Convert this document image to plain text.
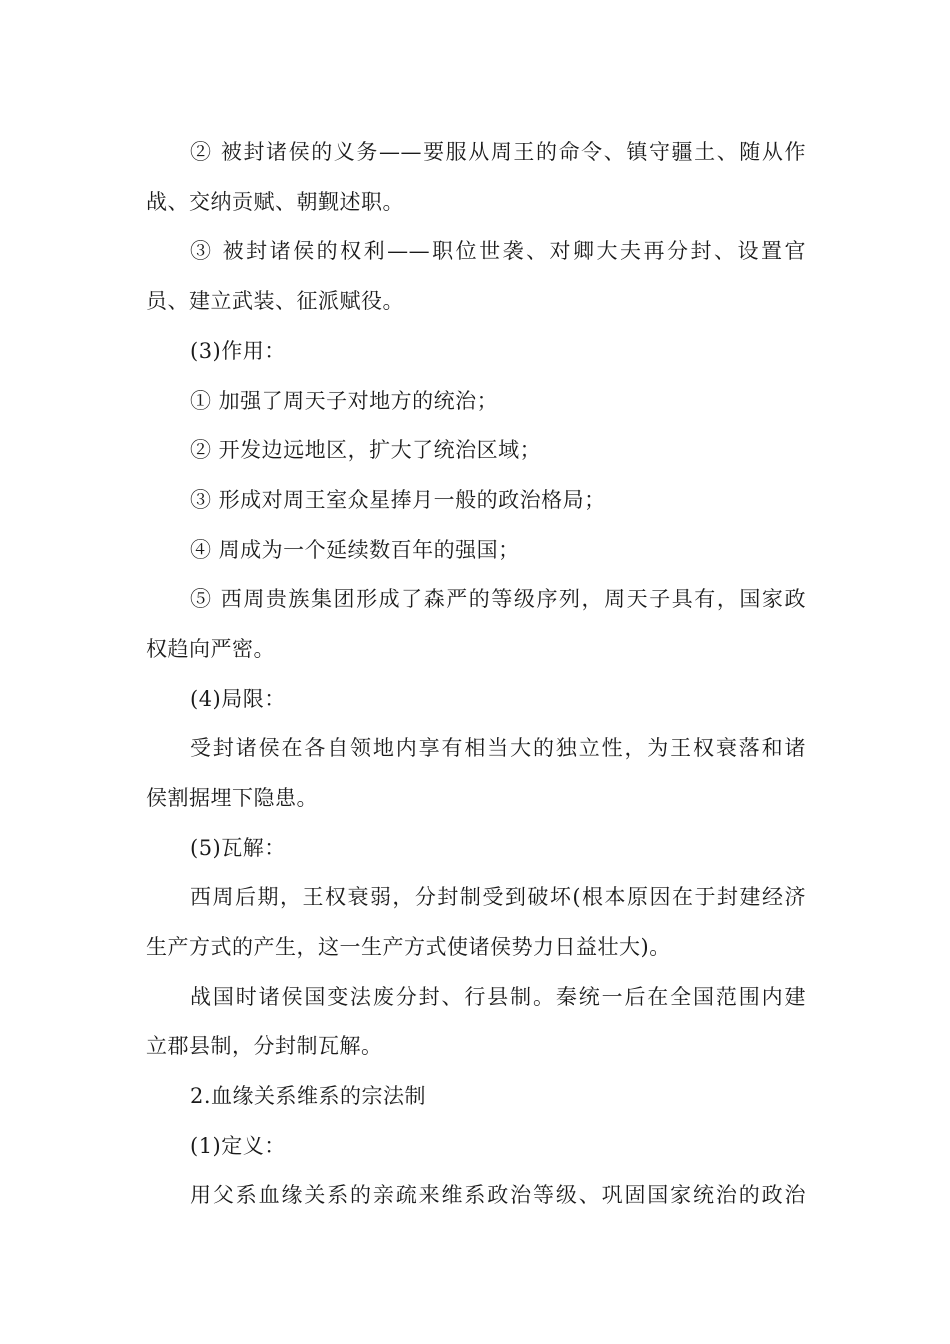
② 被封诸侯的义务——要服从周王的命令、镇守疆土、随从作
战、交纳贡赋、朝觐述职。
③ 被封诸侯的权利——职位世袭、对卿大夫再分封、设置官
员、建立武装、征派赋役。
(3)作用：
① 加强了周天子对地方的统治；
② 开发边远地区，扩大了统治区域；
③ 形成对周王室众星捧月一般的政治格局；
④ 周成为一个延续数百年的强国；
⑤ 西周贵族集团形成了森严的等级序列，周天子具有，国家政
权趋向严密。
(4)局限：
受封诸侯在各自领地内享有相当大的独立性，为王权衰落和诸
侯割据埋下隐患。
(5)瓦解：
西周后期，王权衰弱，分封制受到破坏(根本原因在于封建经济
生产方式的产生，这一生产方式使诸侯势力日益壮大)。
战国时诸侯国变法废分封、行县制。秦统一后在全国范围内建
立郡县制，分封制瓦解。
2.血缘关系维系的宗法制
(1)定义：
用父系血缘关系的亲疏来维系政治等级、巩固国家统治的政治
